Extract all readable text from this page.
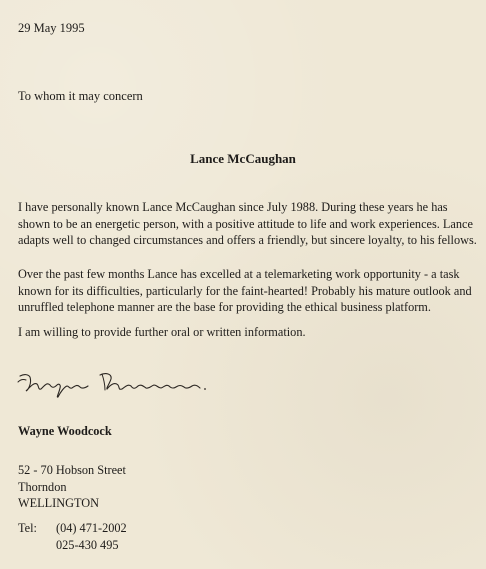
29 May 1995
To whom it may concern
Lance McCaughan

I have personally known Lance McCaughan since July 1988. During these years he has shown to be an energetic person, with a positive attitude to life and work experiences. Lance adapts well to changed circumstances and offers a friendly, but sincere loyalty, to his fellows.

Over the past few months Lance has excelled at a telemarketing work opportunity - a task known for its difficulties, particularly for the faint-hearted! Probably his mature outlook and unruffled telephone manner are the base for providing the ethical business platform.

I am willing to provide further oral or written information.

Wayne Woodcock
52 - 70 Hobson Street
Thorndon
WELLINGTON
Tel:	(04) 471-2002
025-430 495
